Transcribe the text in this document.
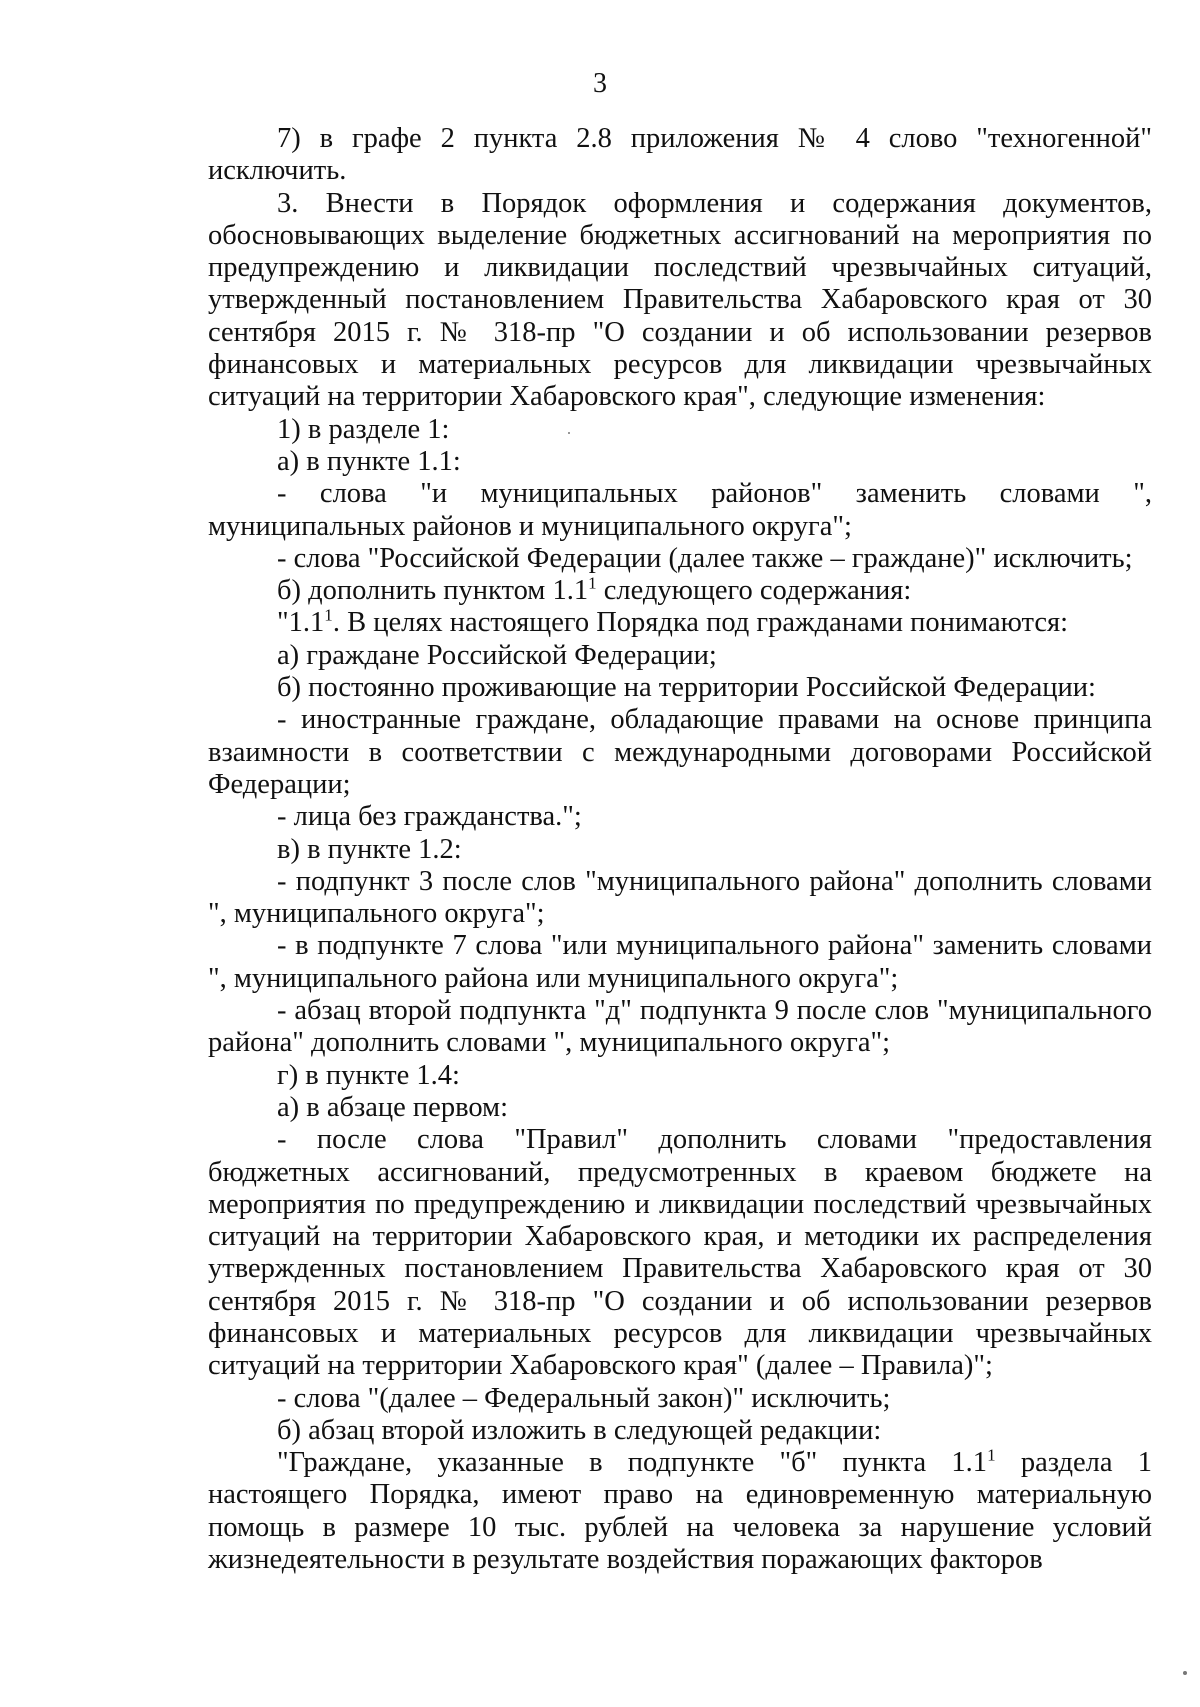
3

7) в графе 2 пункта 2.8 приложения № 4 слово "техногенной" исключить.

3. Внести в Порядок оформления и содержания документов, обосновывающих выделение бюджетных ассигнований на мероприятия по предупреждению и ликвидации последствий чрезвычайных ситуаций, утвержденный постановлением Правительства Хабаровского края от 30 сентября 2015 г. № 318-пр "О создании и об использовании резервов финансовых и материальных ресурсов для ликвидации чрезвычайных ситуаций на территории Хабаровского края", следующие изменения:

1) в разделе 1:

а) в пункте 1.1:

- слова "и муниципальных районов" заменить словами ", муниципальных районов и муниципального округа";

- слова "Российской Федерации (далее также – граждане)" исключить;

б) дополнить пунктом $1.1^1$ следующего содержания:

"$1.1^1$. В целях настоящего Порядка под гражданами понимаются:

а) граждане Российской Федерации;

б) постоянно проживающие на территории Российской Федерации:

- иностранные граждане, обладающие правами на основе принципа взаимности в соответствии с международными договорами Российской Федерации;

- лица без гражданства.";

в) в пункте 1.2:

- подпункт 3 после слов "муниципального района" дополнить словами ", муниципального округа";

- в подпункте 7 слова "или муниципального района" заменить словами ", муниципального района или муниципального округа";

- абзац второй подпункта "д" подпункта 9 после слов "муниципального района" дополнить словами ", муниципального округа";

г) в пункте 1.4:

а) в абзаце первом:

- после слова "Правил" дополнить словами "предоставления бюджетных ассигнований, предусмотренных в краевом бюджете на мероприятия по предупреждению и ликвидации последствий чрезвычайных ситуаций на территории Хабаровского края, и методики их распределения утвержденных постановлением Правительства Хабаровского края от 30 сентября 2015 г. № 318-пр "О создании и об использовании резервов финансовых и материальных ресурсов для ликвидации чрезвычайных ситуаций на территории Хабаровского края" (далее – Правила)";

- слова "(далее – Федеральный закон)" исключить;

б) абзац второй изложить в следующей редакции:

"Граждане, указанные в подпункте "б" пункта $1.1^1$ раздела 1 настоящего Порядка, имеют право на единовременную материальную помощь в размере 10 тыс. рублей на человека за нарушение условий жизнедеятельности в результате воздействия поражающих факторов
